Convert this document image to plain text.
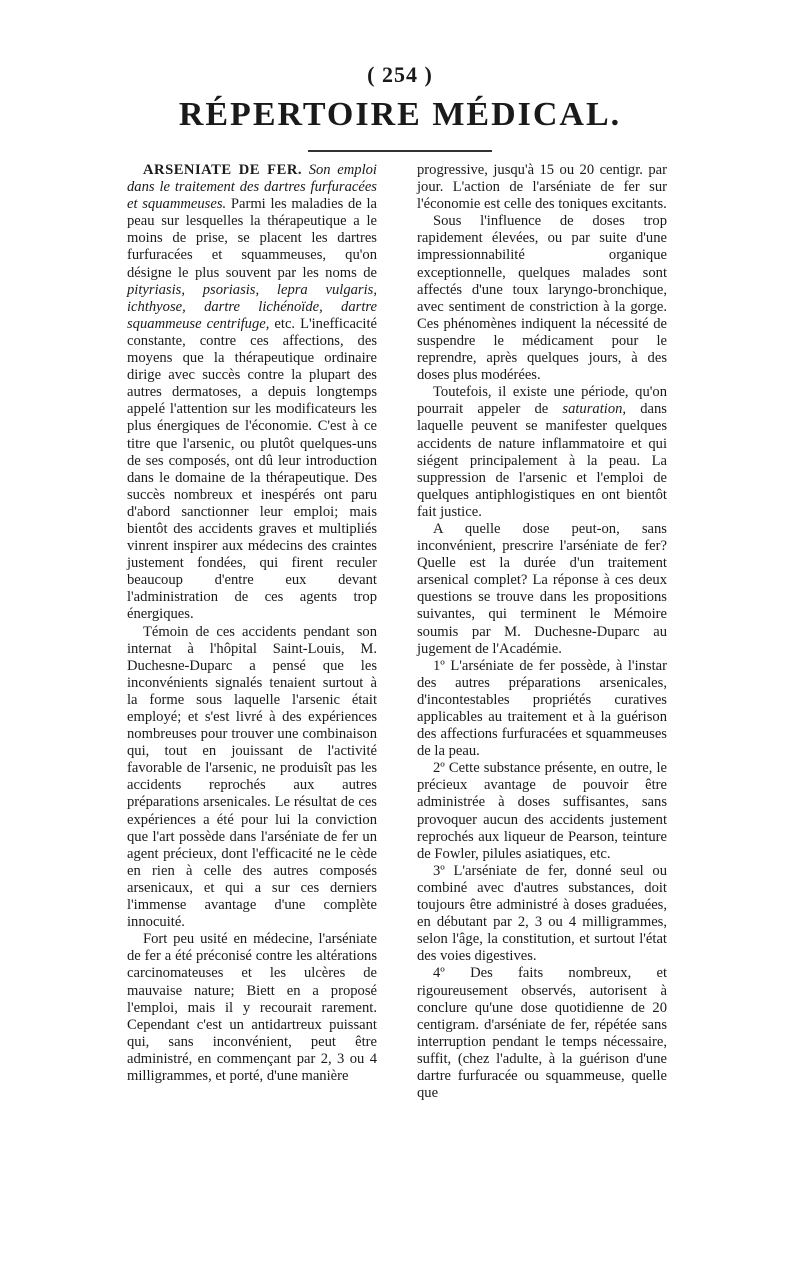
( 254 )
RÉPERTOIRE MÉDICAL.

ARSENIATE DE FER. Son emploi dans le traitement des dartres furfuracées et squammeuses. Parmi les maladies de la peau sur lesquelles la thérapeutique a le moins de prise, se placent les dartres furfuracées et squammeuses, qu'on désigne le plus souvent par les noms de pityriasis, psoriasis, lepra vulgaris, ichthyose, dartre lichénoïde, dartre squammeuse centrifuge, etc. L'inefficacité constante, contre ces affections, des moyens que la thérapeutique ordinaire dirige avec succès contre la plupart des autres dermatoses, a depuis longtemps appelé l'attention sur les modificateurs les plus énergiques de l'économie. C'est à ce titre que l'arsenic, ou plutôt quelques-uns de ses composés, ont dû leur introduction dans le domaine de la thérapeutique. Des succès nombreux et inespérés ont paru d'abord sanctionner leur emploi; mais bientôt des accidents graves et multipliés vinrent inspirer aux médecins des craintes justement fondées, qui firent reculer beaucoup d'entre eux devant l'administration de ces agents trop énergiques.

Témoin de ces accidents pendant son internat à l'hôpital Saint-Louis, M. Duchesne-Duparc a pensé que les inconvénients signalés tenaient surtout à la forme sous laquelle l'arsenic était employé; et s'est livré à des expériences nombreuses pour trouver une combinaison qui, tout en jouissant de l'activité favorable de l'arsenic, ne produisît pas les accidents reprochés aux autres préparations arsenicales. Le résultat de ces expériences a été pour lui la conviction que l'art possède dans l'arséniate de fer un agent précieux, dont l'efficacité ne le cède en rien à celle des autres composés arsenicaux, et qui a sur ces derniers l'immense avantage d'une complète innocuité.

Fort peu usité en médecine, l'arséniate de fer a été préconisé contre les altérations carcinomateuses et les ulcères de mauvaise nature; Biett en a proposé l'emploi, mais il y recourait rarement. Cependant c'est un antidartreux puissant qui, sans inconvénient, peut être administré, en commençant par 2, 3 ou 4 milligrammes, et porté, d'une manière

progressive, jusqu'à 15 ou 20 centigr. par jour. L'action de l'arséniate de fer sur l'économie est celle des toniques excitants.

Sous l'influence de doses trop rapidement élevées, ou par suite d'une impressionnabilité organique exceptionnelle, quelques malades sont affectés d'une toux laryngo-bronchique, avec sentiment de constriction à la gorge. Ces phénomènes indiquent la nécessité de suspendre le médicament pour le reprendre, après quelques jours, à des doses plus modérées.

Toutefois, il existe une période, qu'on pourrait appeler de saturation, dans laquelle peuvent se manifester quelques accidents de nature inflammatoire et qui siégent principalement à la peau. La suppression de l'arsenic et l'emploi de quelques antiphlogistiques en ont bientôt fait justice.

A quelle dose peut-on, sans inconvénient, prescrire l'arséniate de fer? Quelle est la durée d'un traitement arsenical complet? La réponse à ces deux questions se trouve dans les propositions suivantes, qui terminent le Mémoire soumis par M. Duchesne-Duparc au jugement de l'Académie.

1º L'arséniate de fer possède, à l'instar des autres préparations arsenicales, d'incontestables propriétés curatives applicables au traitement et à la guérison des affections furfuracées et squammeuses de la peau.

2º Cette substance présente, en outre, le précieux avantage de pouvoir être administrée à doses suffisantes, sans provoquer aucun des accidents justement reprochés aux liqueur de Pearson, teinture de Fowler, pilules asiatiques, etc.

3º L'arséniate de fer, donné seul ou combiné avec d'autres substances, doit toujours être administré à doses graduées, en débutant par 2, 3 ou 4 milligrammes, selon l'âge, la constitution, et surtout l'état des voies digestives.

4º Des faits nombreux, et rigoureusement observés, autorisent à conclure qu'une dose quotidienne de 20 centigram. d'arséniate de fer, répétée sans interruption pendant le temps nécessaire, suffit, (chez l'adulte, à la guérison d'une dartre furfuracée ou squammeuse, quelle que
